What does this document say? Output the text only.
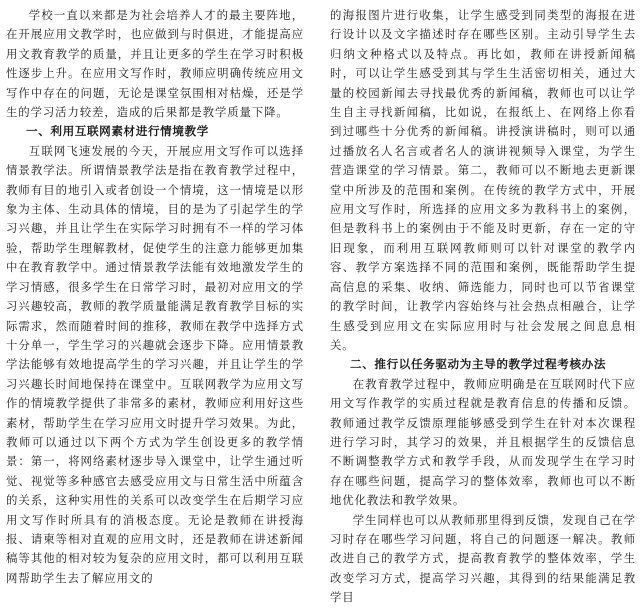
学校一直以来都是为社会培养人才的最主要阵地，在开展应用文教学时，也应做到与时俱进，才能提高应用文教育教学的质量，并且让更多的学生在学习时积极性逐步上升。在应用文写作时，教师应明确传统应用文写作中存在的问题，无论是课堂氛围相对枯燥，还是学生的学习活力较差，造成的后果都是教学质量下降。

一、利用互联网素材进行情境教学

互联网飞速发展的今天，开展应用文写作可以选择情景教学法。所谓情景教学法是指在教育教学过程中，教师有目的地引入或者创设一个情境，这一情境是以形象为主体、生动具体的情境，目的是为了引起学生的学习兴趣，并且让学生在实际学习时拥有不一样的学习体验，帮助学生理解教材，促使学生的注意力能够更加集中在教育教学中。通过情景教学法能有效地激发学生的学习情感，很多学生在日常学习时，最初对应用文的学习兴趣较高，教师的教学质量能满足教育教学目标的实际需求，然而随着时间的推移，教师在教学中选择方式十分单一，学生学习的兴趣就会逐步下降。应用情景教学法能够有效地提高学生的学习兴趣，并且让学生的学习兴趣长时间地保持在课堂中。互联网教学为应用文写作的情境教学提供了非常多的素材，教师应利用好这些素材，帮助学生在学习应用文时提升学习效果。为此，教师可以通过以下两个方式为学生创设更多的教学情景：第一，将网络素材逐步导入课堂中，让学生通过听觉、视觉等多种感官去感受应用文与日常生活中所蕴含的关系，这种实用性的关系可以改变学生在后期学习应用文写作时所具有的消极态度。无论是教师在讲授海报、请柬等相对直观的应用文时，还是教师在讲述新闻稿等其他的相对较为复杂的应用文时，都可以利用互联网帮助学生去了解应用文的

的海报图片进行收集，让学生感受到同类型的海报在进行设计以及文字描述时存在哪些区别。主动引导学生去归纳文种格式以及特点。再比如，教师在讲授新闻稿时，可以让学生感受到其与学生生活密切相关，通过大量的校园新闻去寻找最优秀的新闻稿，教师也可以让学生自主寻找新闻稿，比如说，在报纸上、在网络上你看到过哪些十分优秀的新闻稿。讲授演讲稿时，则可以通过播放名人名言或者名人的演讲视频导入课堂，为学生营造课堂的学习情景。第二，教师可以不断地去更新课堂中所涉及的范围和案例。在传统的教学方式中，开展应用文写作时，所选择的应用文多为教科书上的案例，但是教科书上的案例由于不能及时更新，存在一定的守旧现象，而利用互联网教师则可以针对课堂的教学内容、教学方案选择不同的范围和案例，既能帮助学生提高信息的采集、收纳、筛选能力，同时也可以节省课堂的教学时间，让教学内容始终与社会热点相融合，让学生感受到应用文在实际应用时与社会发展之间息息相关。

二、推行以任务驱动为主导的教学过程考核办法

在教育教学过程中，教师应明确是在互联网时代下应用文写作教学的实质过程就是教育信息的传播和反馈。教师通过教学反馈原理能够感受到学生在针对本次课程进行学习时，其学习的效果，并且根据学生的反馈信息不断调整教学方式和教学手段，从而发现学生在学习时存在哪些问题，提高学习的整体效率，教师也可以不断地优化教法和教学效果。

学生同样也可以从教师那里得到反馈，发现自己在学习时存在哪些学习问题，将自己的问题逐一解决。教师改进自己的教学方式，提高教育教学的整体效率，学生改变学习方式，提高学习兴趣，其得到的结果能满足教学目
